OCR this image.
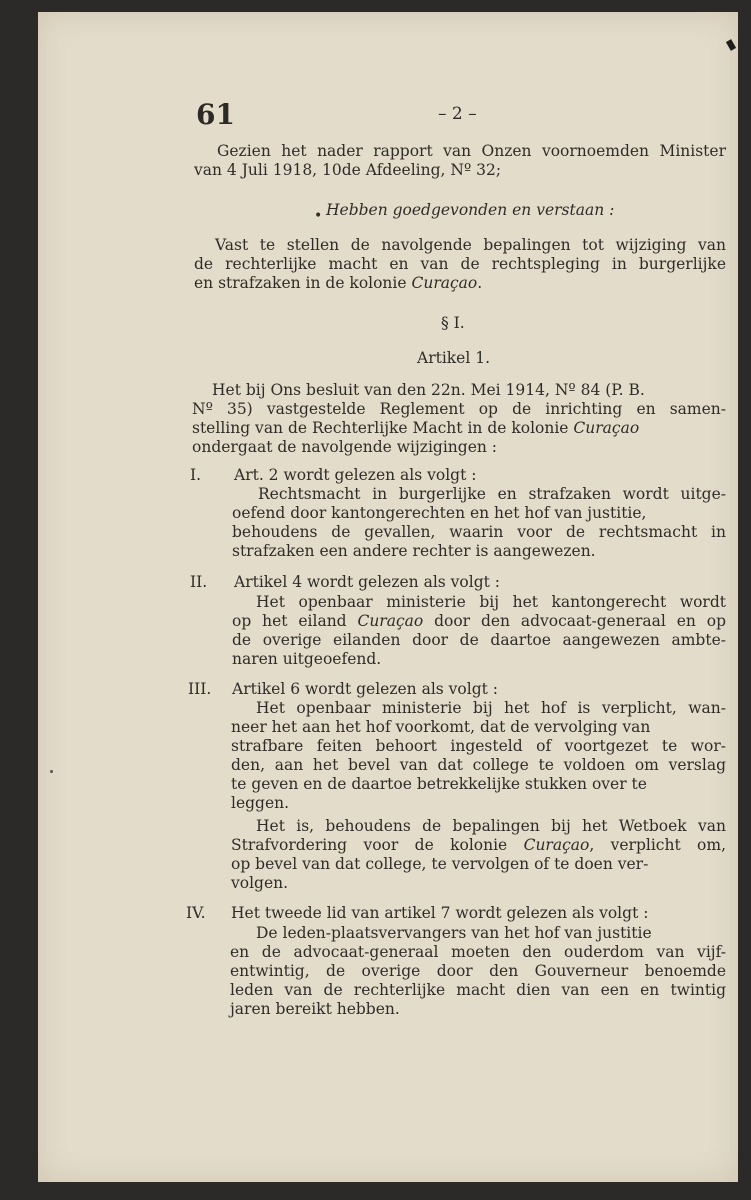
61	– 2 –
•
Gezien het nader rapport van Onzen voornoemden Minister
van 4 Juli 1918, 10de Afdeeling, Nº 32;
Hebben goedgevonden en verstaan :
Vast te stellen de navolgende bepalingen tot wijziging van
de rechterlijke macht en van de rechtspleging in burgerlijke
en strafzaken in de kolonie Curaçao.
§ I.
Artikel 1.
Het bij Ons besluit van den 22n. Mei 1914, Nº 84 (P. B.
Nº 35) vastgestelde Reglement op de inrichting en samen-
stelling van de Rechterlijke Macht in de kolonie Curaçao
ondergaat de navolgende wijzigingen :
I. Art. 2 wordt gelezen als volgt :
Rechtsmacht in burgerlijke en strafzaken wordt uitge-
oefend door kantongerechten en het hof van justitie,
behoudens de gevallen, waarin voor de rechtsmacht in
strafzaken een andere rechter is aangewezen.
II. Artikel 4 wordt gelezen als volgt :
Het openbaar ministerie bij het kantongerecht wordt
op het eiland Curaçao door den advocaat-generaal en op
de overige eilanden door de daartoe aangewezen ambte-
naren uitgeoefend.
III. Artikel 6 wordt gelezen als volgt :
Het openbaar ministerie bij het hof is verplicht, wan-
neer het aan het hof voorkomt, dat de vervolging van
strafbare feiten behoort ingesteld of voortgezet te wor-
den, aan het bevel van dat college te voldoen om verslag
te geven en de daartoe betrekkelijke stukken over te
leggen.
Het is, behoudens de bepalingen bij het Wetboek van
Strafvordering voor de kolonie Curaçao, verplicht om,
op bevel van dat college, te vervolgen of te doen ver-
volgen.
IV. Het tweede lid van artikel 7 wordt gelezen als volgt :
De leden-plaatsvervangers van het hof van justitie
en de advocaat-generaal moeten den ouderdom van vijf-
entwintig, de overige door den Gouverneur benoemde
leden van de rechterlijke macht dien van een en twintig
jaren bereikt hebben.
